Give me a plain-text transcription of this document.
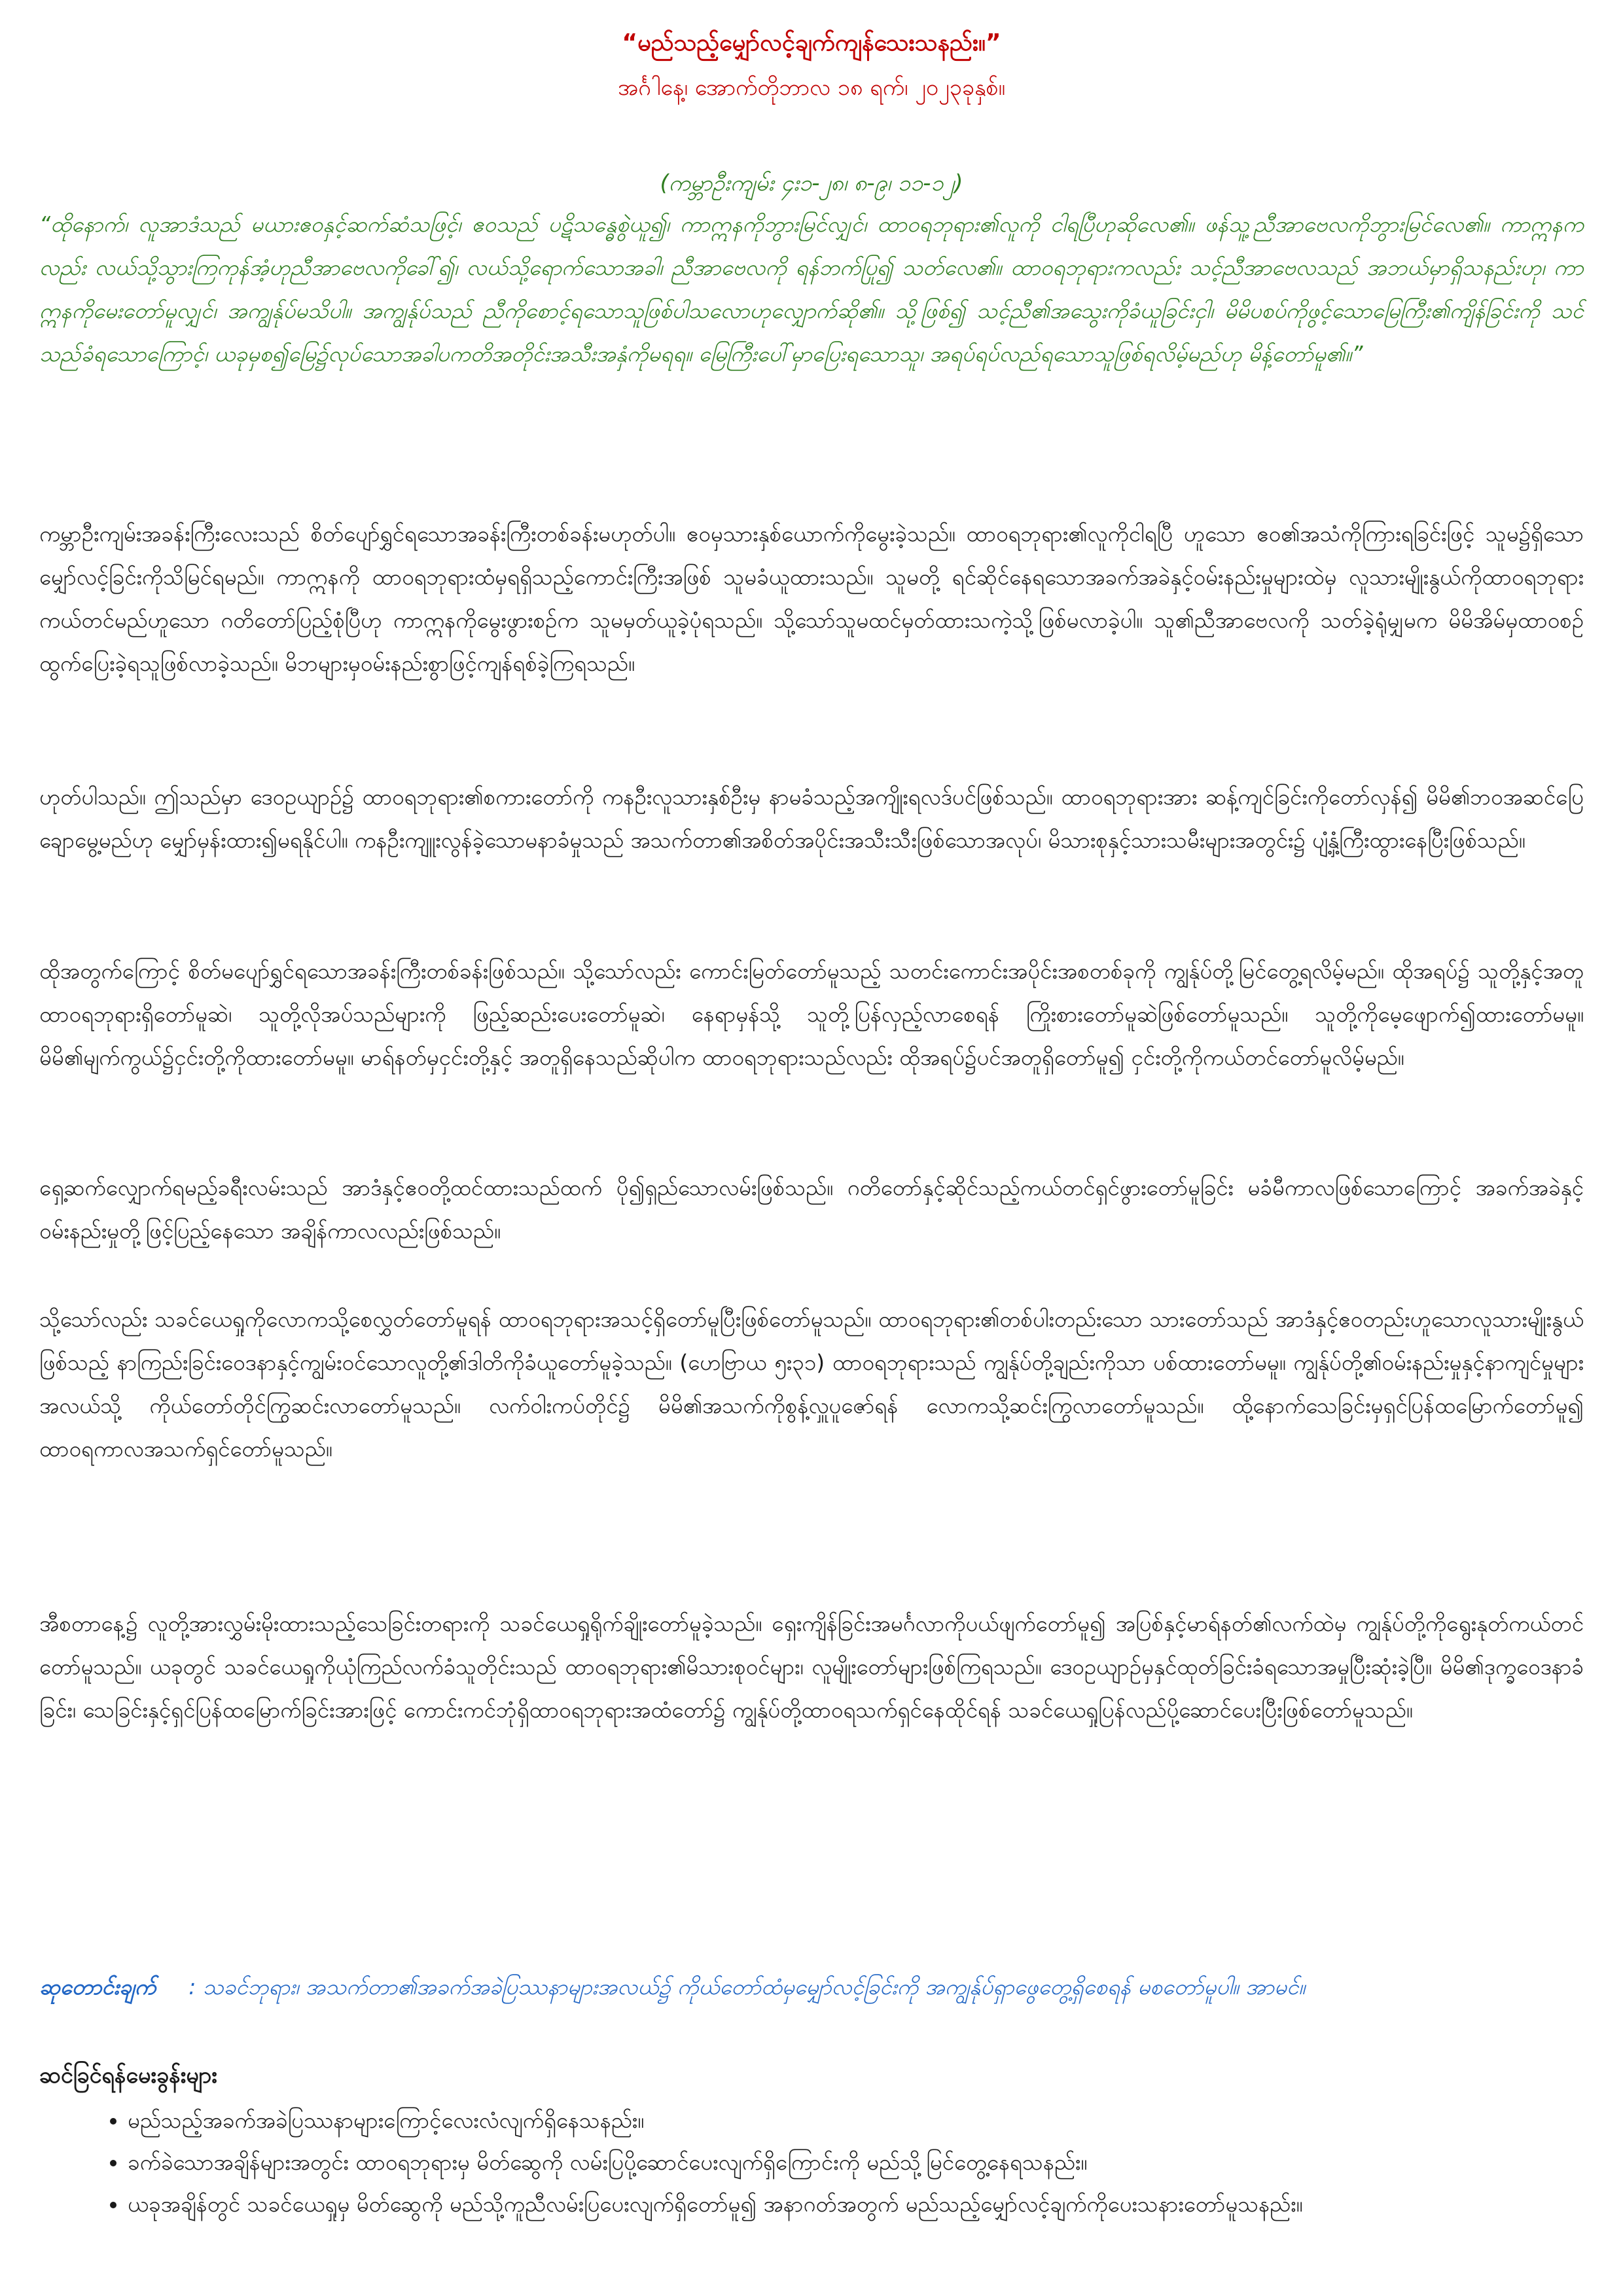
“မည်သည့်မျှော်လင့်ချက်ကျန်သေးသနည်း။”
အင်္ဂါနေ့၊ အောက်တိုဘာလ ၁၈ ရက်၊ ၂၀၂၃ခုနှစ်။

(ကမ္ဘာဦးကျမ်း ၄း၁-၂၈၊ ၈-၉၊ ၁၁-၁၂)

“ထိုနောက်၊ လူအာဒံသည် မယားဧဝနှင့်ဆက်ဆံသဖြင့်၊ ဧဝသည် ပဋိသန္ဓေစွဲယူ၍၊ ကာဣနကိုဘွားမြင်လျှင်၊ ထာဝရဘုရား၏လူကို ငါရပြီဟုဆိုလေ၏။ ဖန်သူ့ညီအာဗေလကိုဘွားမြင်လေ၏။ ကာဣနကလည်း လယ်သို့သွားကြကုန်အံ့ဟုညီအာဗေလကိုခေါ်၍၊ လယ်သို့ရောက်သောအခါ၊ ညီအာဗေလကို ရန်ဘက်ပြု၍ သတ်လေ၏။ ထာဝရဘုရားကလည်း သင့်ညီအာဗေလသည် အဘယ်မှာရှိသနည်းဟု၊ ကာဣနကိုမေးတော်မူလျှင်၊ အကျွန်ုပ်မသိပါ။ အကျွန်ုပ်သည် ညီကိုစောင့်ရသောသူဖြစ်ပါသလောဟုလျှောက်ဆို၏။ သို့ဖြစ်၍ သင့်ညီ၏အသွေးကိုခံယူခြင်းငှါ၊ မိမိပစပ်ကိုဖွင့်သောမြေကြီး၏ကျိန်ခြင်းကို သင်သည်ခံရသောကြောင့်၊ ယခုမှစ၍မြေ၌လုပ်သောအခါပကတိအတိုင်းအသီးအနှံကိုမရရ။ မြေကြီးပေါ်မှာပြေးရသောသူ၊ အရပ်ရပ်လည်ရသောသူဖြစ်ရလိမ့်မည်ဟု မိန့်တော်မူ၏။”

ကမ္ဘာဦးကျမ်းအခန်းကြီးလေးသည် စိတ်ပျော်ရွှင်ရသောအခန်းကြီးတစ်ခန်းမဟုတ်ပါ။ ဧဝမှသားနှစ်ယောက်ကိုမွေးခဲ့သည်။ ထာဝရဘုရား၏လူကိုငါရပြီ ဟူသော ဧဝ၏အသံကိုကြားရခြင်းဖြင့် သူမ၌ရှိသောမျှော်လင့်ခြင်းကိုသိမြင်ရမည်။ ကာဣနကို ထာဝရဘုရားထံမှရရှိသည့်ကောင်းကြီးအဖြစ် သူမခံယူထားသည်။ သူမတို့ ရင်ဆိုင်နေရသောအခက်အခဲနှင့်ဝမ်းနည်းမှုများထဲမှ လူသားမျိုးနွယ်ကိုထာဝရဘုရားကယ်တင်မည်ဟူသော ဂတိတော်ပြည့်စုံပြီဟု ကာဣနကိုမွေးဖွားစဉ်က သူမမှတ်ယူခဲ့ပုံရသည်။ သို့သော်သူမထင်မှတ်ထားသကဲ့သို့ဖြစ်မလာခဲ့ပါ။ သူ၏ညီအာဗေလကို သတ်ခဲ့ရုံမျှမက မိမိအိမ်မှထာဝစဉ်ထွက်ပြေးခဲ့ရသူဖြစ်လာခဲ့သည်။ မိဘများမှဝမ်းနည်းစွာဖြင့်ကျန်ရစ်ခဲ့ကြရသည်။

ဟုတ်ပါသည်။ ဤသည်မှာ ဒေဝဥယျာဉ်၌ ထာဝရဘုရား၏စကားတော်ကို ကနဦးလူသားနှစ်ဦးမှ နာမခံသည့်အကျိုးရလဒ်ပင်ဖြစ်သည်။ ထာဝရဘုရားအား ဆန့်ကျင်ခြင်းကိုတော်လှန်၍ မိမိ၏ဘဝအဆင်ပြေချောမွေ့မည်ဟု မျှော်မှန်းထား၍မရနိုင်ပါ။ ကနဦးကျူးလွန်ခဲ့သောမနာခံမှုသည် အသက်တာ၏အစိတ်အပိုင်းအသီးသီးဖြစ်သောအလုပ်၊ မိသားစုနှင့်သားသမီးများအတွင်း၌ ပျံ့နှံ့ကြီးထွားနေပြီးဖြစ်သည်။

ထိုအတွက်ကြောင့် စိတ်မပျော်ရွှင်ရသောအခန်းကြီးတစ်ခန်းဖြစ်သည်။ သို့သော်လည်း ကောင်းမြတ်တော်မူသည့် သတင်းကောင်းအပိုင်းအစတစ်ခုကို ကျွန်ုပ်တို့မြင်တွေ့ရလိမ့်မည်။ ထိုအရပ်၌ သူတို့နှင့်အတူ ထာဝရဘုရားရှိတော်မူဆဲ၊ သူတို့လိုအပ်သည်များကို ဖြည့်ဆည်းပေးတော်မူဆဲ၊ နေရာမှန်သို့ သူတို့ပြန်လှည့်လာစေရန် ကြိုးစားတော်မူဆဲဖြစ်တော်မူသည်။ သူတို့ကိုမေ့ဖျောက်၍ထားတော်မမူ။ မိမိ၏မျက်ကွယ်၌ငှင်းတို့ကိုထားတော်မမူ။ မာရ်နတ်မှငှင်းတို့နှင့် အတူရှိနေသည်ဆိုပါက ထာဝရဘုရားသည်လည်း ထိုအရပ်၌ပင်အတူရှိတော်မူ၍ ငှင်းတို့ကိုကယ်တင်တော်မူလိမ့်မည်။

ရှေ့ဆက်လျှောက်ရမည့်ခရီးလမ်းသည် အာဒံနှင့်ဧဝတို့ထင်ထားသည်ထက် ပို၍ရှည်သောလမ်းဖြစ်သည်။ ဂတိတော်နှင့်ဆိုင်သည့်ကယ်တင်ရှင်ဖွားတော်မူခြင်း မခံမီကာလဖြစ်သောကြောင့် အခက်အခဲနှင့်ဝမ်းနည်းမှုတို့ဖြင့်ပြည့်နေသော အချိန်ကာလလည်းဖြစ်သည်။

သို့သော်လည်း သခင်ယေရှုကိုလောကသို့စေလွှတ်တော်မူရန် ထာဝရဘုရားအသင့်ရှိတော်မူပြီးဖြစ်တော်မူသည်။ ထာဝရဘုရား၏တစ်ပါးတည်းသော သားတော်သည် အာဒံနှင့်ဧဝတည်းဟူသောလူသားမျိုးနွယ်ဖြစ်သည့် နာကြည်းခြင်းဝေဒနာနှင့်ကျွမ်းဝင်သောလူတို့၏ဒါတိကိုခံယူတော်မူခဲ့သည်။ (ဟေဗြာယ ၅း၃၁) ထာဝရဘုရားသည် ကျွန်ုပ်တို့ချည်းကိုသာ ပစ်ထားတော်မမူ။ ကျွန်ုပ်တို့၏ဝမ်းနည်းမှုနှင့်နာကျင်မှုများအလယ်သို့ ကိုယ်တော်တိုင်ကြွဆင်းလာတော်မူသည်။ လက်ဝါးကပ်တိုင်၌ မိမိ၏အသက်ကိုစွန့်လှူပူဇော်ရန် လောကသို့ဆင်းကြွလာတော်မူသည်။ ထို့နောက်သေခြင်းမှရှင်ပြန်ထမြောက်တော်မူ၍ ထာဝရကာလအသက်ရှင်တော်မူသည်။

အီစတာနေ့၌ လူတို့အားလွှမ်းမိုးထားသည့်သေခြင်းတရားကို သခင်ယေရှုရိုက်ချိုးတော်မူခဲ့သည်။ ရှေးကျိန်ခြင်းအမင်္ဂလာကိုပယ်ဖျက်တော်မူ၍ အပြစ်နှင့်မာရ်နတ်၏လက်ထဲမှ ကျွန်ုပ်တို့ကိုရွေးနုတ်ကယ်တင်တော်မူသည်။ ယခုတွင် သခင်ယေရှုကိုယုံကြည်လက်ခံသူတိုင်းသည် ထာဝရဘုရား၏မိသားစုဝင်များ၊ လူမျိုးတော်များဖြစ်ကြရသည်။ ဒေဝဥယျာဉ်မှနှင်ထုတ်ခြင်းခံရသောအမှုပြီးဆုံးခဲ့ပြီ။ မိမိ၏ဒုက္ခဝေဒနာခံခြင်း၊ သေခြင်းနှင့်ရှင်ပြန်ထမြောက်ခြင်းအားဖြင့် ကောင်းကင်ဘုံရှိထာဝရဘုရားအထံတော်၌ ကျွန်ုပ်တို့ထာဝရသက်ရှင်နေထိုင်ရန် သခင်ယေရှုပြန်လည်ပို့ဆောင်ပေးပြီးဖြစ်တော်မူသည်။

ဆုတောင်းချက် : သခင်ဘုရား၊ အသက်တာ၏အခက်အခဲပြဿနာများအလယ်၌ ကိုယ်တော်ထံမှမျှော်လင့်ခြင်းကို အကျွန်ုပ်ရှာဖွေတွေ့ရှိစေရန် မစတော်မူပါ။ အာမင်။

ဆင်ခြင်ရန်မေးခွန်းများ

• မည်သည့်အခက်အခဲပြဿနာများကြောင့်လေးလံလျက်ရှိနေသနည်း။
• ခက်ခဲသောအချိန်များအတွင်း ထာဝရဘုရားမှ မိတ်ဆွေကို လမ်းပြပို့ဆောင်ပေးလျက်ရှိကြောင်းကို မည်သို့မြင်တွေ့နေရသနည်း။
• ယခုအချိန်တွင် သခင်ယေရှုမှ မိတ်ဆွေကို မည်သို့ကူညီလမ်းပြပေးလျက်ရှိတော်မူ၍ အနာဂတ်အတွက် မည်သည့်မျှော်လင့်ချက်ကိုပေးသနားတော်မူသနည်း။
